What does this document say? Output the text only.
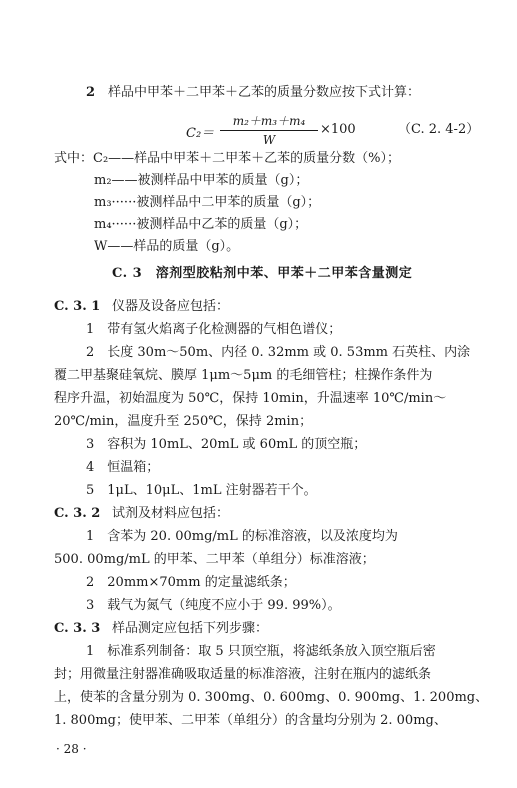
2 样品中甲苯＋二甲苯＋乙苯的质量分数应按下式计算：
C₂＝
m₂＋m₃＋m₄
W
×100	（C. 2. 4-2）
式中：C₂——样品中甲苯＋二甲苯＋乙苯的质量分数（%）；
m₂——被测样品中甲苯的质量（g）；
m₃······被测样品中二甲苯的质量（g）；
m₄······被测样品中乙苯的质量（g）；
W——样品的质量（g）。
C. 3　溶剂型胶粘剂中苯、甲苯＋二甲苯含量测定
C. 3. 1 仪器及设备应包括：
1　带有氢火焰离子化检测器的气相色谱仪；
2　长度 30m～50m、内径 0. 32mm 或 0. 53mm 石英柱、内涂
覆二甲基聚硅氧烷、膜厚 1μm～5μm 的毛细管柱；柱操作条件为
程序升温，初始温度为 50℃，保持 10min，升温速率 10℃/min～
20℃/min，温度升至 250℃，保持 2min；
3　容积为 10mL、20mL 或 60mL 的顶空瓶；
4　恒温箱；
5　1μL、10μL、1mL 注射器若干个。
C. 3. 2 试剂及材料应包括：
1　含苯为 20. 00mg/mL 的标准溶液，以及浓度均为
500. 00mg/mL 的甲苯、二甲苯（单组分）标准溶液；
2　20mm×70mm 的定量滤纸条；
3　载气为氮气（纯度不应小于 99. 99%）。
C. 3. 3 样品测定应包括下列步骤：
1　标准系列制备：取 5 只顶空瓶，将滤纸条放入顶空瓶后密
封；用微量注射器准确吸取适量的标准溶液，注射在瓶内的滤纸条
上，使苯的含量分别为 0. 300mg、0. 600mg、0. 900mg、1. 200mg、
1. 800mg；使甲苯、二甲苯（单组分）的含量均分别为 2. 00mg、
· 28 ·
